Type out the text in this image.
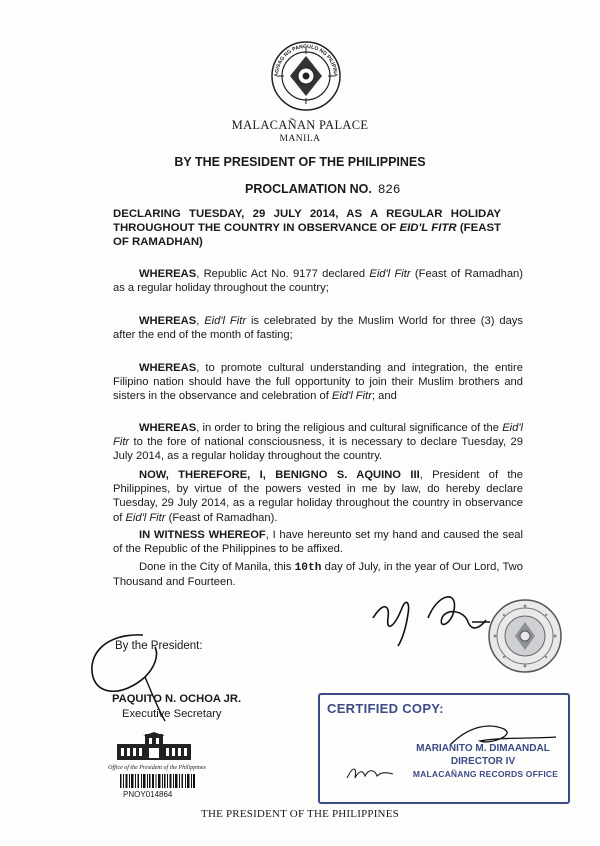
AGISAG NG PANGULO NG PILIPINA
MALACAÑAN PALACE
MANILA
BY THE PRESIDENT OF THE PHILIPPINES
PROCLAMATION NO. 826
DECLARING TUESDAY, 29 JULY 2014, AS A REGULAR HOLIDAY THROUGHOUT THE COUNTRY IN OBSERVANCE OF EID'L FITR (FEAST OF RAMADHAN)
WHEREAS, Republic Act No. 9177 declared Eid'l Fitr (Feast of Ramadhan) as a regular holiday throughout the country;
WHEREAS, Eid'l Fitr is celebrated by the Muslim World for three (3) days after the end of the month of fasting;
WHEREAS, to promote cultural understanding and integration, the entire Filipino nation should have the full opportunity to join their Muslim brothers and sisters in the observance and celebration of Eid'l Fitr; and
WHEREAS, in order to bring the religious and cultural significance of the Eid'l Fitr to the fore of national consciousness, it is necessary to declare Tuesday, 29 July 2014, as a regular holiday throughout the country.
NOW, THEREFORE, I, BENIGNO S. AQUINO III, President of the Philippines, by virtue of the powers vested in me by law, do hereby declare Tuesday, 29 July 2014, as a regular holiday throughout the country in observance of Eid'l Fitr (Feast of Ramadhan).
IN WITNESS WHEREOF, I have hereunto set my hand and caused the seal of the Republic of the Philippines to be affixed.
Done in the City of Manila, this 10th day of July, in the year of Our Lord, Two Thousand and Fourteen.
By the President:
PAQUITO N. OCHOA JR.
Executive Secretary
Office of the President of the Philippines
PNOY014864
CERTIFIED COPY:
MARIANITO M. DIMAANDAL
DIRECTOR IV
MALACAÑANG RECORDS OFFICE
THE PRESIDENT OF THE PHILIPPINES
